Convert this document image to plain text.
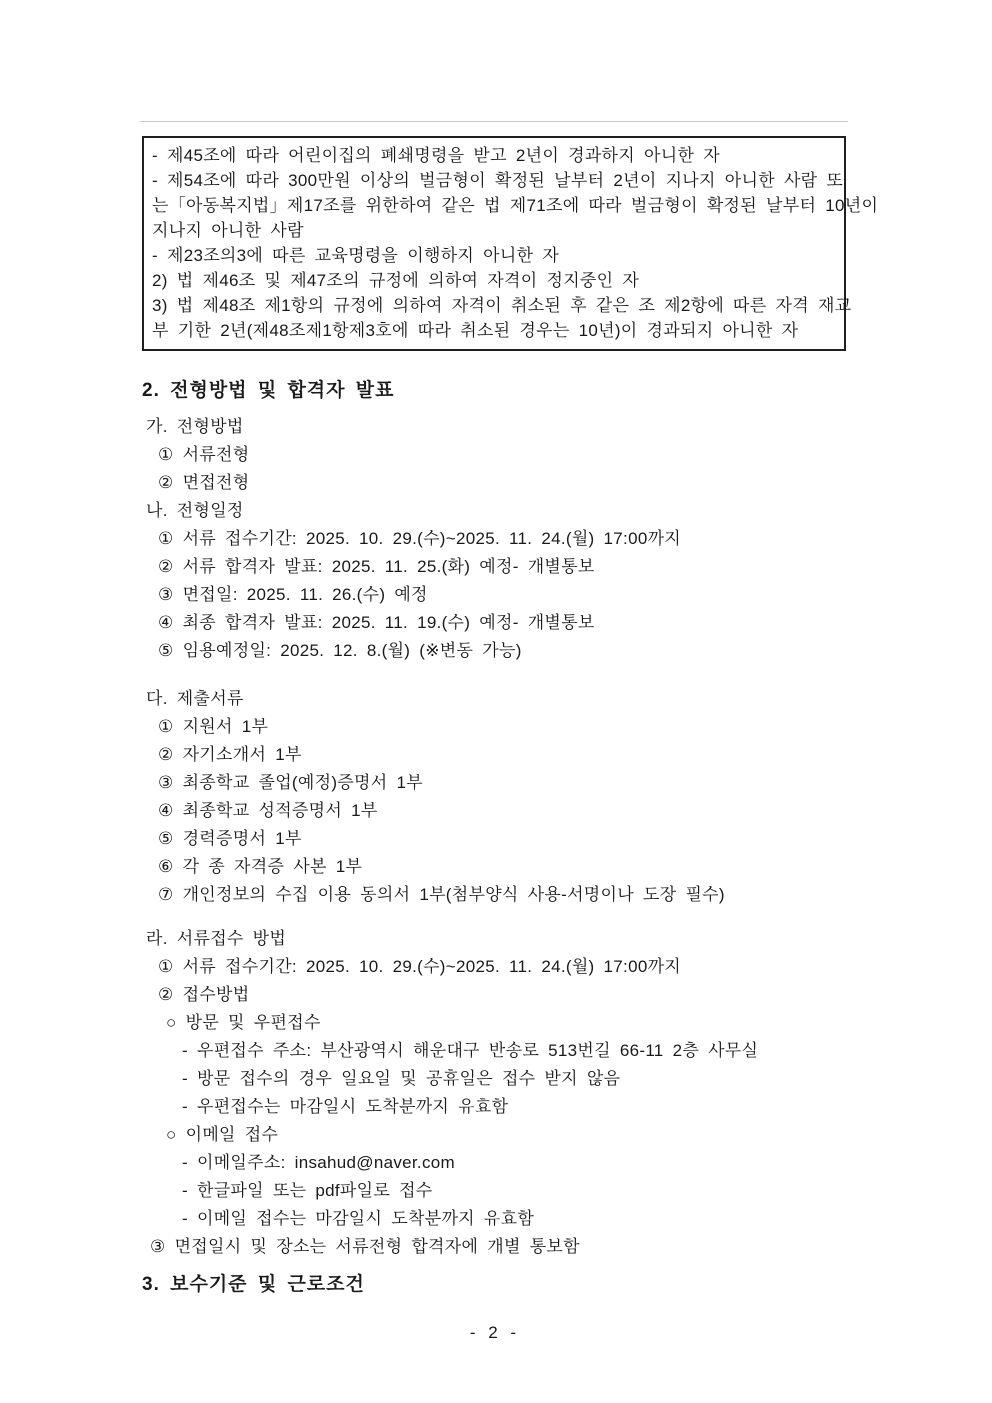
- 제45조에 따라 어린이집의 폐쇄명령을 받고 2년이 경과하지 아니한 자
- 제54조에 따라 300만원 이상의 벌금형이 확정된 날부터 2년이 지나지 아니한 사람 또
는「아동복지법」제17조를 위한하여 같은 법 제71조에 따라 벌금형이 확정된 날부터 10년이
지나지 아니한 사람
- 제23조의3에 따른 교육명령을 이행하지 아니한 자
2) 법 제46조 및 제47조의 규정에 의하여 자격이 정지중인 자
3) 법 제48조 제1항의 규정에 의하여 자격이 취소된 후 같은 조 제2항에 따른 자격 재교
부 기한 2년(제48조제1항제3호에 따라 취소된 경우는 10년)이 경과되지 아니한 자
2. 전형방법 및 합격자 발표
가. 전형방법
① 서류전형
② 면접전형
나. 전형일정
① 서류 접수기간: 2025. 10. 29.(수)~2025. 11. 24.(월) 17:00까지
② 서류 합격자 발표: 2025. 11. 25.(화) 예정- 개별통보
③ 면접일: 2025. 11. 26.(수) 예정
④ 최종 합격자 발표: 2025. 11. 19.(수) 예정- 개별통보
⑤ 임용예정일: 2025. 12. 8.(월) (※변동 가능)
다. 제출서류
① 지원서 1부
② 자기소개서 1부
③ 최종학교 졸업(예정)증명서 1부
④ 최종학교 성적증명서 1부
⑤ 경력증명서 1부
⑥ 각 종 자격증 사본 1부
⑦ 개인정보의 수집 이용 동의서 1부(첨부양식 사용-서명이나 도장 필수)
라. 서류접수 방법
① 서류 접수기간: 2025. 10. 29.(수)~2025. 11. 24.(월) 17:00까지
② 접수방법
○ 방문 및 우편접수
- 우편접수 주소: 부산광역시 해운대구 반송로 513번길 66-11 2층 사무실
- 방문 접수의 경우 일요일 및 공휴일은 접수 받지 않음
- 우편접수는 마감일시 도착분까지 유효함
○ 이메일 접수
- 이메일주소: insahud@naver.com
- 한글파일 또는 pdf파일로 접수
- 이메일 접수는 마감일시 도착분까지 유효함
③ 면접일시 및 장소는 서류전형 합격자에 개별 통보함
3. 보수기준 및 근로조건
- 2 -
